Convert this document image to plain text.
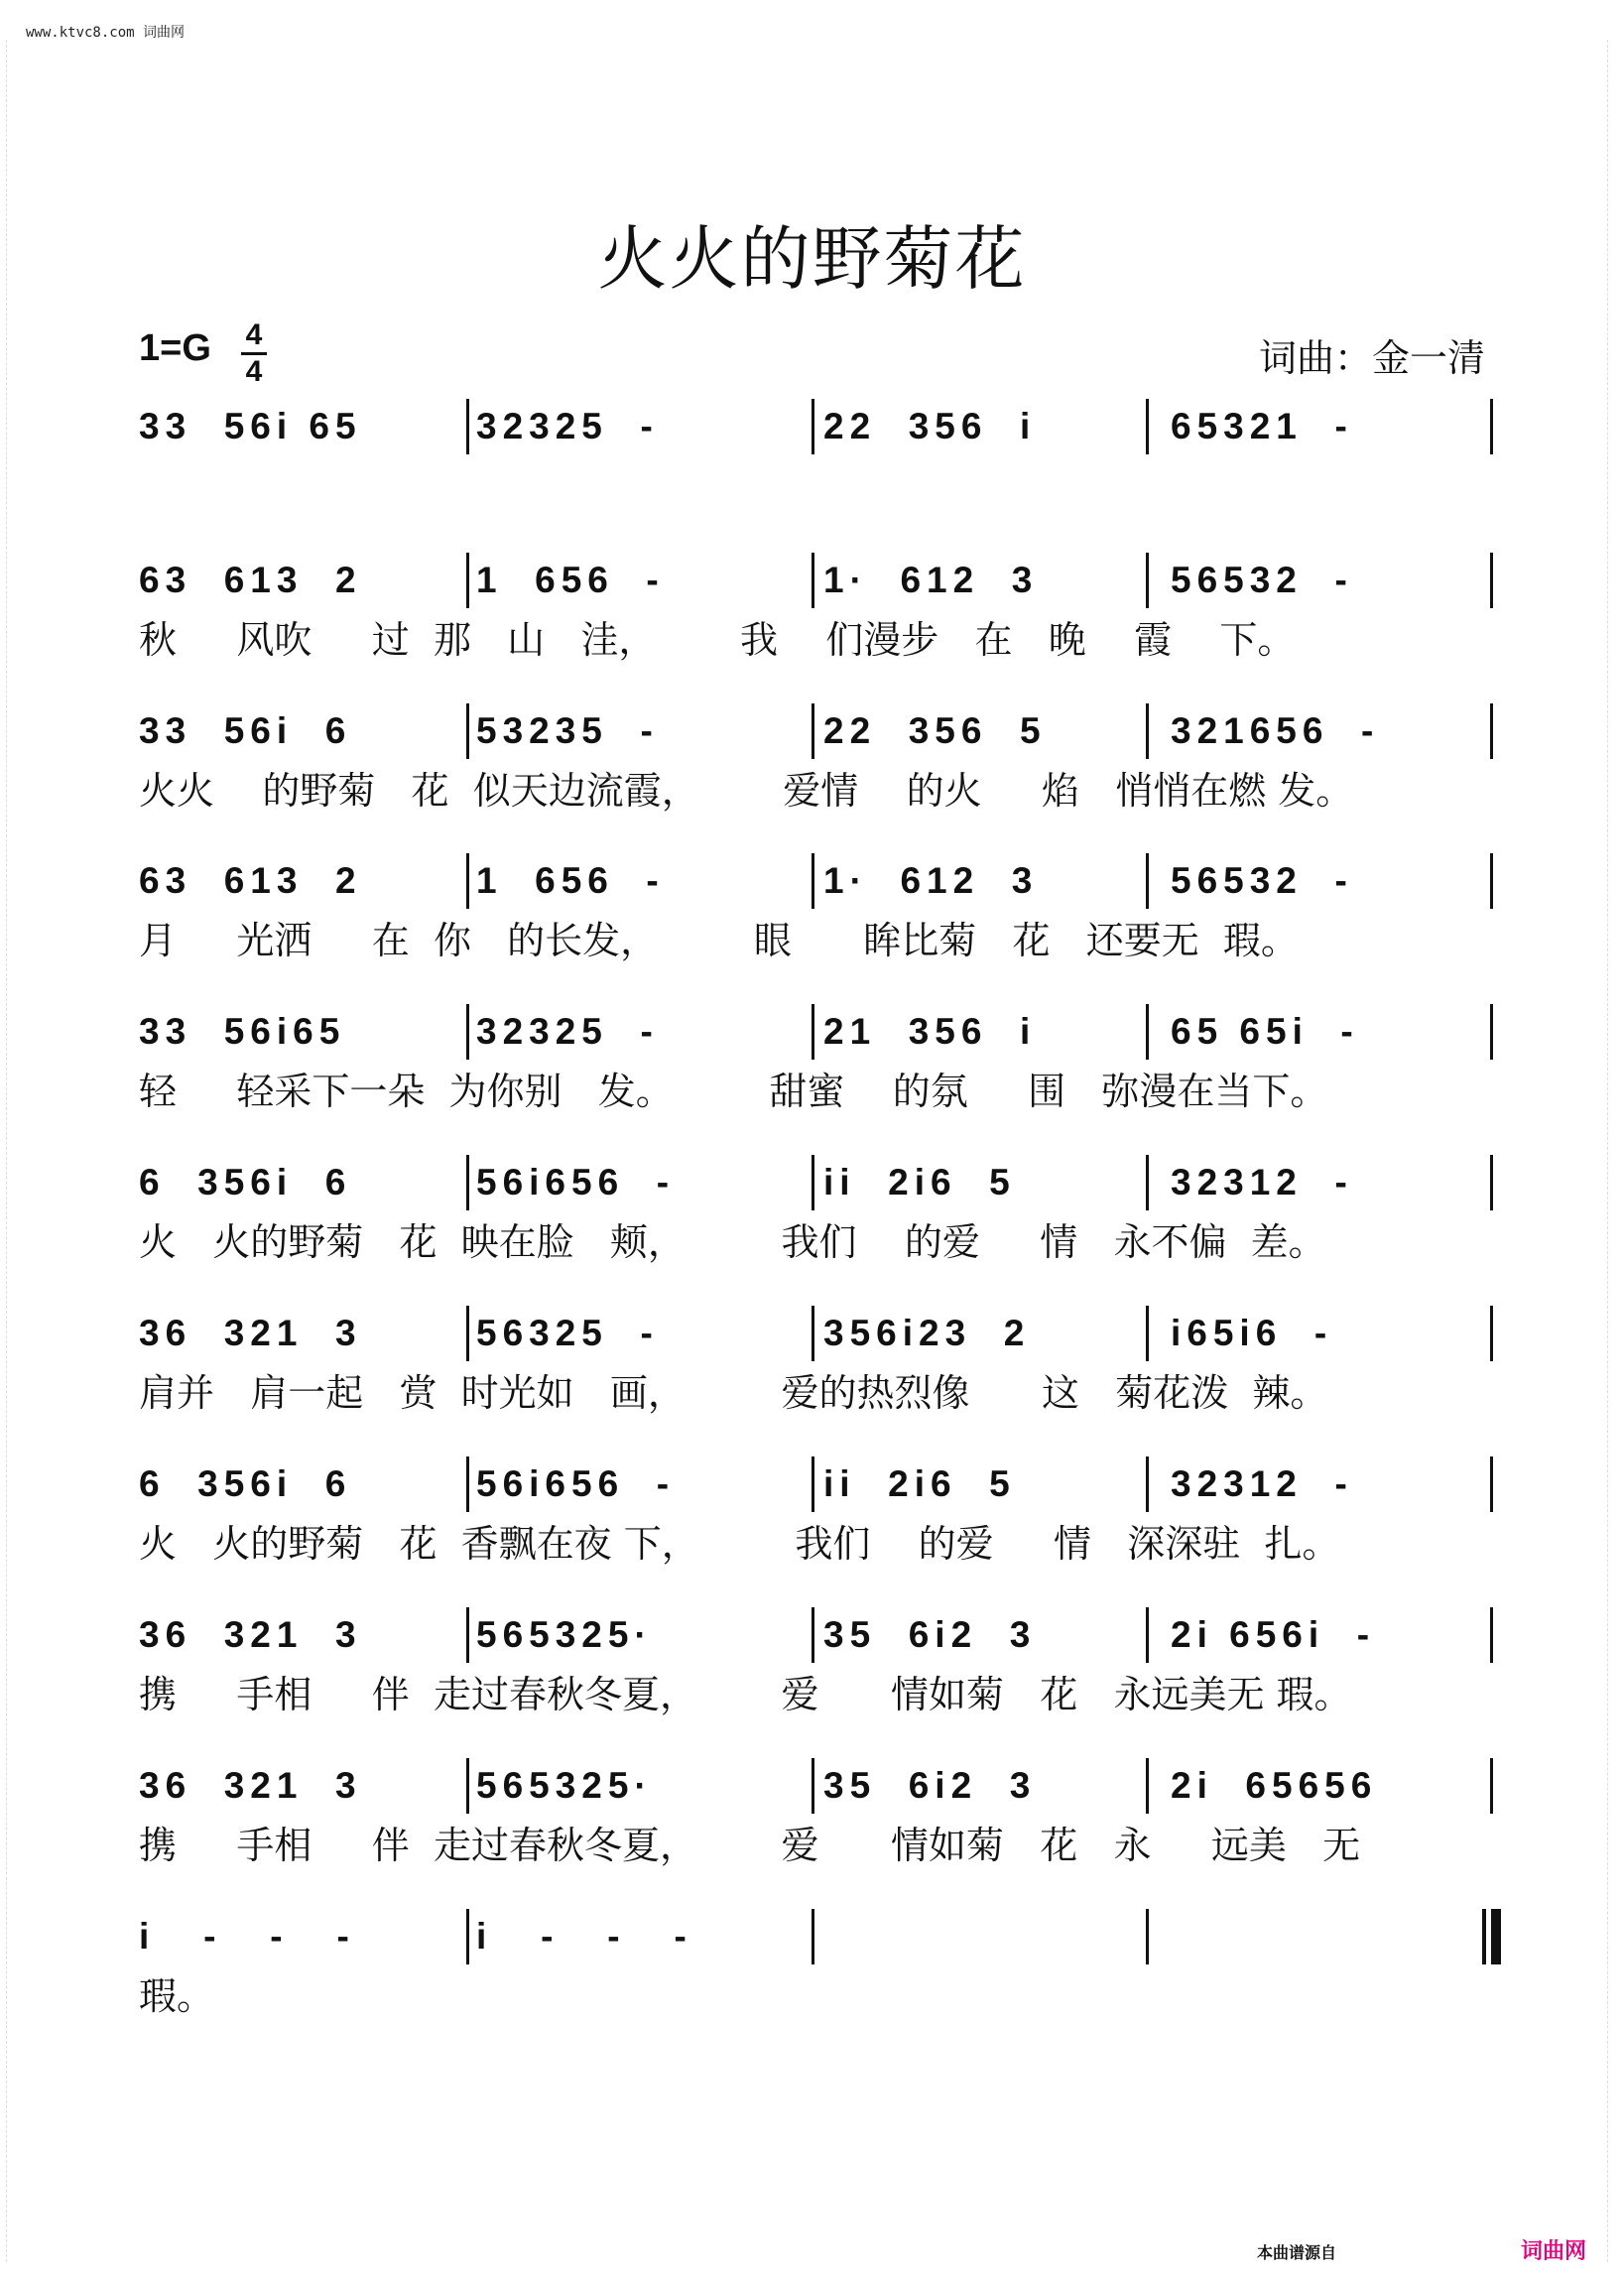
www.ktvc8.com 词曲网
火火的野菊花
1=G 4
4	词曲：金一清
33  56i 65	32325  -	22  356  i	65321  -
63  613  2	1  656  -	1·  612  3	56532  -
秋     风吹     过  那   山   洼，       我    们漫步   在   晚    霞    下。
33  56i  6	53235  -	22  356  5	321656  -
火火    的野菊   花  似天边流霞，       爱情    的火     焰   悄悄在燃 发。
63  613  2	1  656  -	1·  612  3	56532  -
月     光洒     在  你   的长发，        眼      眸比菊   花   还要无  瑕。
33  56i65	32325  -	21  356  i	65 65i  -
轻     轻采下一朵  为你别   发。        甜蜜    的氛     围   弥漫在当下。
6  356i  6	56i656  -	ii  2i6  5	32312  -
火   火的野菊   花  映在脸   颊，        我们    的爱     情   永不偏  差。
36  321  3	56325  -	356i23  2	i65i6  -
肩并   肩一起   赏  时光如   画，        爱的热烈像      这   菊花泼  辣。
6  356i  6	56i656  -	ii  2i6  5	32312  -
火   火的野菊   花  香飘在夜 下，        我们    的爱     情   深深驻  扎。
36  321  3	565325·	35  6i2  3	2i 656i  -
携     手相     伴  走过春秋冬夏，       爱      情如菊   花   永远美无 瑕。
36  321  3	565325·	35  6i2  3	2i  65656
携     手相     伴  走过春秋冬夏，       爱      情如菊   花   永     远美   无
i   -   -   -	i   -   -   -
瑕。
本曲谱源自	词曲网
